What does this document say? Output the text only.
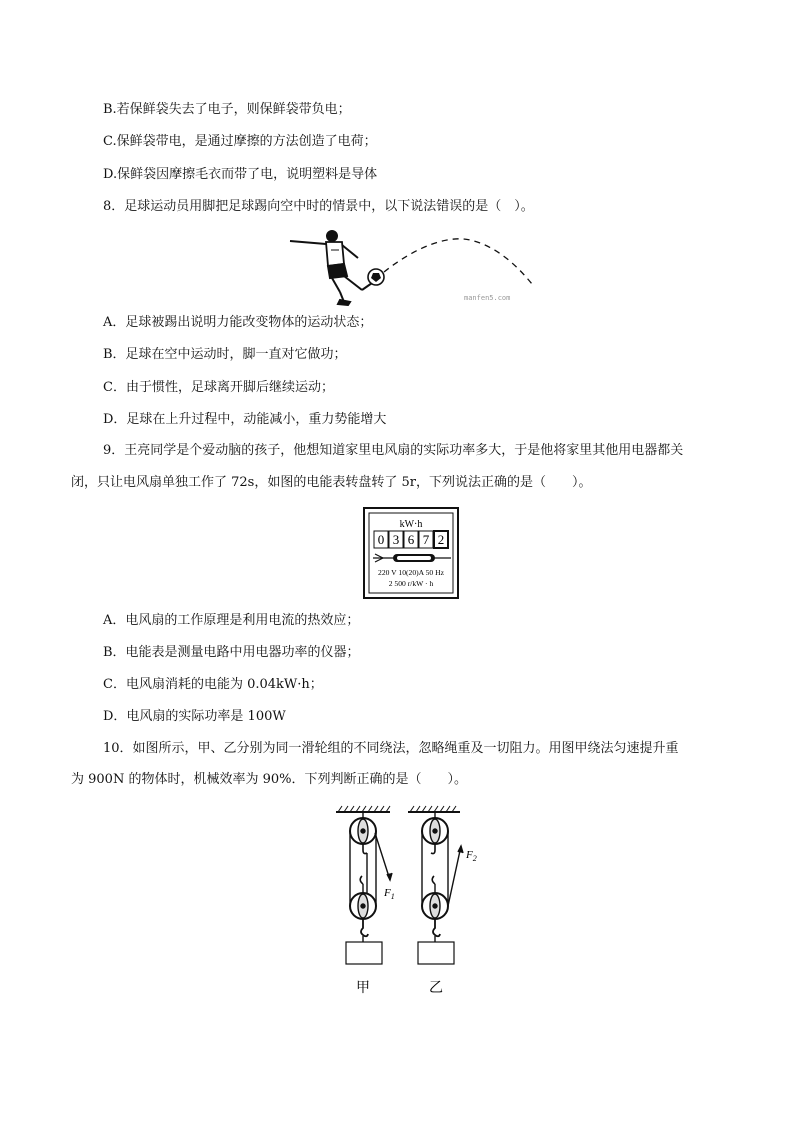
B.若保鲜袋失去了电子，则保鲜袋带负电；
C.保鲜袋带电，是通过摩擦的方法创造了电荷；
D.保鲜袋因摩擦毛衣而带了电，说明塑料是导体
8．足球运动员用脚把足球踢向空中时的情景中，以下说法错误的是（　）。
manfen5.com
A．足球被踢出说明力能改变物体的运动状态；
B．足球在空中运动时，脚一直对它做功；
C．由于惯性，足球离开脚后继续运动；
D．足球在上升过程中，动能减小，重力势能增大
9．王亮同学是个爱动脑的孩子，他想知道家里电风扇的实际功率多大，于是他将家里其他用电器都关
闭，只让电风扇单独工作了 72s，如图的电能表转盘转了 5r，下列说法正确的是（　　）。
kW·h
0 3 6 7 2
220 V 10(20)A 50 Hz
2 500 r/kW · h
A．电风扇的工作原理是利用电流的热效应；
B．电能表是测量电路中用电器功率的仪器；
C．电风扇消耗的电能为 0.04kW·h；
D．电风扇的实际功率是 100W
10．如图所示，甲、乙分别为同一滑轮组的不同绕法，忽略绳重及一切阻力。用图甲绕法匀速提升重
为 900N 的物体时，机械效率为 90%．下列判断正确的是（　　）。
$F_1$
$F_2$
甲	乙
